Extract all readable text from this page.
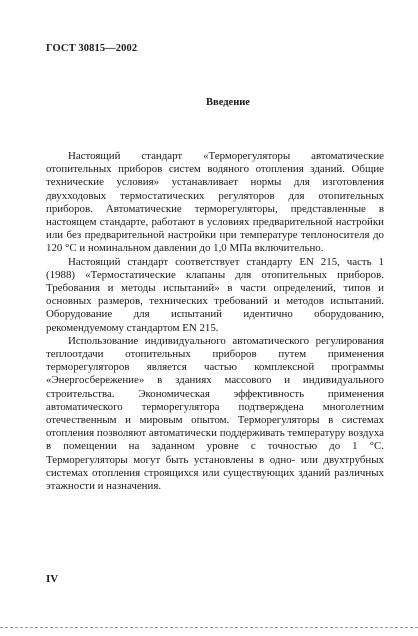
ГОСТ 30815—2002
Введение

Настоящий стандарт «Терморегуляторы автоматические отопительных приборов систем водяного отопления зданий. Общие технические условия» устанавливает нормы для изготовления двухходовых термостатических регуляторов для отопительных приборов. Автоматические терморегуляторы, представленные в настоящем стандарте, работают в условиях предварительной настройки или без предварительной настройки при температуре теплоносителя до 120 °С и номинальном давлении до 1,0 МПа включительно.

Настоящий стандарт соответствует стандарту EN 215, часть 1 (1988) «Термостатические клапаны для отопительных приборов. Требования и методы испытаний» в части определений, типов и основных размеров, технических требований и методов испытаний. Оборудование для испытаний идентично оборудованию, рекомендуемому стандартом EN 215.

Использование индивидуального автоматического регулирования теплоотдачи отопительных приборов путем применения терморегуляторов является частью комплексной программы «Энергосбережение» в зданиях массового и индивидуального строительства. Экономическая эффективность применения автоматического терморегулятора подтверждена многолетним отечественным и мировым опытом. Терморегуляторы в системах отопления позволяют автоматически поддерживать температуру воздуха в помещении на заданном уровне с точностью до 1 °С. Терморегуляторы могут быть установлены в одно- или двухтрубных системах отопления строящихся или существующих зданий различных этажности и назначения.

IV
